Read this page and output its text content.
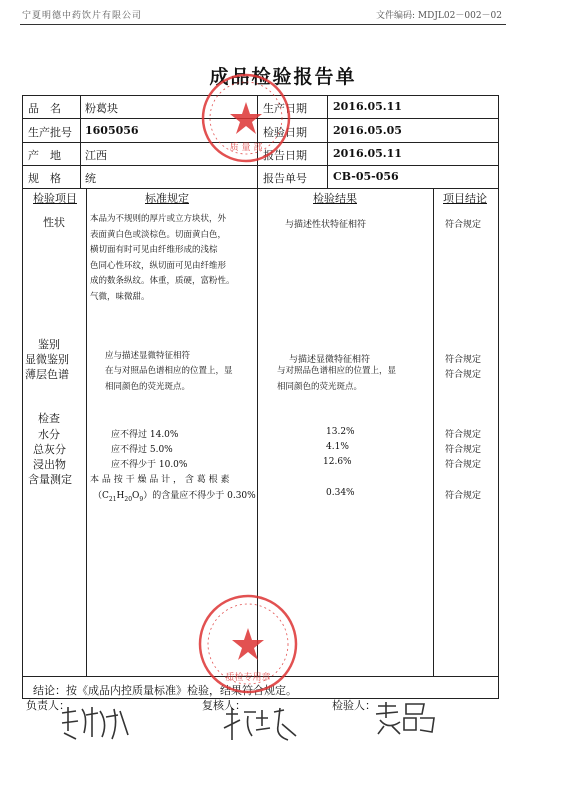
宁夏明德中药饮片有限公司	文件编码: MDJL02－002－02
成品检验报告单
品　名 粉葛块	生产日期 2016.05.11
生产批号 1605056	检验日期 2016.05.05
产　地 江西	报告日期 2016.05.11
规　格 统	报告单号 CB-05-056
检验项目	标准规定	检验结果	项目结论
性状	本品为不规则的厚片或立方块状，外
表面黄白色或淡棕色。切面黄白色，
横切面有时可见由纤维形成的浅棕
色同心性环纹，纵切面可见由纤维形
成的数条纵纹。体重，质硬，富粉性。
气微，味微甜。
与描述性状特征相符	符合规定
鉴别
显微鉴别	应与描述显微特征相符	与描述显微特征相符	符合规定
薄层色谱	在与对照品色谱相应的位置上，显
相同颜色的荧光斑点。
与对照品色谱相应的位置上，显
相同颜色的荧光斑点。
符合规定
检查
水分	应不得过 14.0%	13.2%	符合规定
总灰分	应不得过 5.0%	4.1%	符合规定
浸出物	应不得少于 10.0%	12.6%	符合规定
含量测定 本 品 按 干 燥 品 计 ， 含 葛 根 素
$(C_{21}H_{20}O_9)$的含量应不得少于 0.30%	0.34%	符合规定
结论：按《成品内控质量标准》检验，结果符合规定。
负责人：	复核人：	检验人：
质 量 部
质检专用章
